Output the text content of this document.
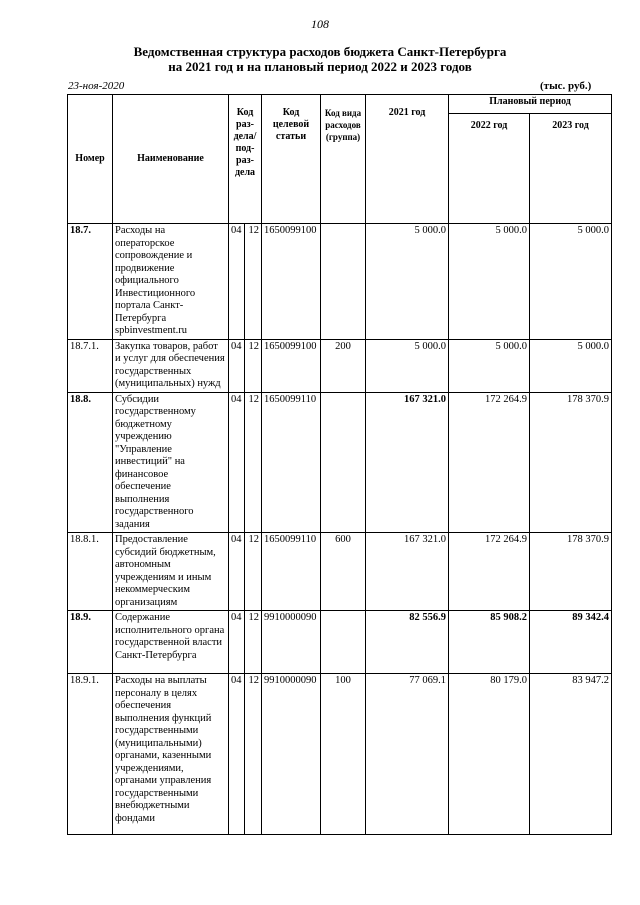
108
Ведомственная структура расходов бюджета Санкт-Петербурга
на 2021 год и на плановый период 2022 и 2023 годов
23-ноя-2020	(тыс. руб.)
Номер	Наименование	Код раз-дела/ под-раз-дела		Код целевой статьи	Код вида расходов (группа)	2021 год	Плановый период	
							2022 год	2023 год
18.7.	Расходы на операторское сопровождение и продвижение официального Инвестиционного портала Санкт-Петербурга spbinvestment.ru	04	12	1650099100		5 000.0	5 000.0	5 000.0
18.7.1.	Закупка товаров, работ и услуг для обеспечения государственных (муниципальных) нужд	04	12	1650099100	200	5 000.0	5 000.0	5 000.0
18.8.	Субсидии государственному бюджетному учреждению "Управление инвестиций" на финансовое обеспечение выполнения государственного задания	04	12	1650099110		167 321.0	172 264.9	178 370.9
18.8.1.	Предоставление субсидий бюджетным, автономным учреждениям и иным некоммерческим организациям	04	12	1650099110	600	167 321.0	172 264.9	178 370.9
18.9.	Содержание исполнительного органа государственной власти Санкт-Петербурга	04	12	9910000090		82 556.9	85 908.2	89 342.4
18.9.1.	Расходы на выплаты персоналу в целях обеспечения выполнения функций государственными (муниципальными) органами, казенными учреждениями, органами управления государственными внебюджетными фондами	04	12	9910000090	100	77 069.1	80 179.0	83 947.2
